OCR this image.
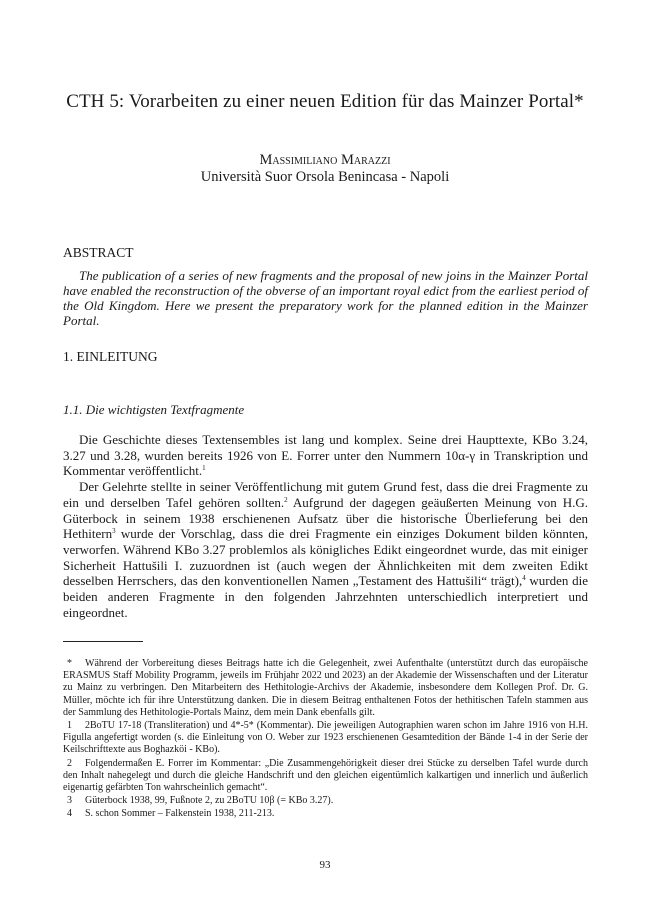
CTH 5: Vorarbeiten zu einer neuen Edition für das Mainzer Portal*
Massimiliano Marazzi
Università Suor Orsola Benincasa - Napoli
ABSTRACT
The publication of a series of new fragments and the proposal of new joins in the Mainzer Portal have enabled the reconstruction of the obverse of an important royal edict from the earliest period of the Old Kingdom. Here we present the preparatory work for the planned edition in the Mainzer Portal.
1. EINLEITUNG
1.1. Die wichtigsten Textfragmente

Die Geschichte dieses Textensembles ist lang und komplex. Seine drei Haupttexte, KBo 3.24, 3.27 und 3.28, wurden bereits 1926 von E. Forrer unter den Nummern 10α-γ in Transkription und Kommentar veröffentlicht.$^1$

Der Gelehrte stellte in seiner Veröffentlichung mit gutem Grund fest, dass die drei Fragmente zu ein und derselben Tafel gehören sollten.$^2$ Aufgrund der dagegen geäußerten Meinung von H.G. Güterbock in seinem 1938 erschienenen Aufsatz über die historische Überlieferung bei den Hethitern$^3$ wurde der Vorschlag, dass die drei Fragmente ein einziges Dokument bilden könnten, verworfen. Während KBo 3.27 problemlos als königliches Edikt eingeordnet wurde, das mit einiger Sicherheit Hattušili I. zuzuordnen ist (auch wegen der Ähnlichkeiten mit dem zweiten Edikt desselben Herrschers, das den konventionellen Namen „Testament des Hattušili“ trägt),$^4$ wurden die beiden anderen Fragmente in den folgenden Jahrzehnten unterschiedlich interpretiert und eingeordnet.

* Während der Vorbereitung dieses Beitrags hatte ich die Gelegenheit, zwei Aufenthalte (unterstützt durch das europäische ERASMUS Staff Mobility Programm, jeweils im Frühjahr 2022 und 2023) an der Akademie der Wissenschaften und der Literatur zu Mainz zu verbringen. Den Mitarbeitern des Hethitologie-Archivs der Akademie, insbesondere dem Kollegen Prof. Dr. G. Müller, möchte ich für ihre Unterstützung danken. Die in diesem Beitrag enthaltenen Fotos der hethitischen Tafeln stammen aus der Sammlung des Hethitologie-Portals Mainz, dem mein Dank ebenfalls gilt.
1 2BoTU 17-18 (Transliteration) und 4*-5* (Kommentar). Die jeweiligen Autographien waren schon im Jahre 1916 von H.H. Figulla angefertigt worden (s. die Einleitung von O. Weber zur 1923 erschienenen Gesamtedition der Bände 1-4 in der Serie der Keilschrifttexte aus Boghazköi - KBo).
2 Folgendermaßen E. Forrer im Kommentar: „Die Zusammengehörigkeit dieser drei Stücke zu derselben Tafel wurde durch den Inhalt nahegelegt und durch die gleiche Handschrift und den gleichen eigentümlich kalkartigen und innerlich und äußerlich eigenartig gefärbten Ton wahrscheinlich gemacht“.
3 Güterbock 1938, 99, Fußnote 2, zu 2BoTU 10β (= KBo 3.27).
4 S. schon Sommer – Falkenstein 1938, 211-213.
93
